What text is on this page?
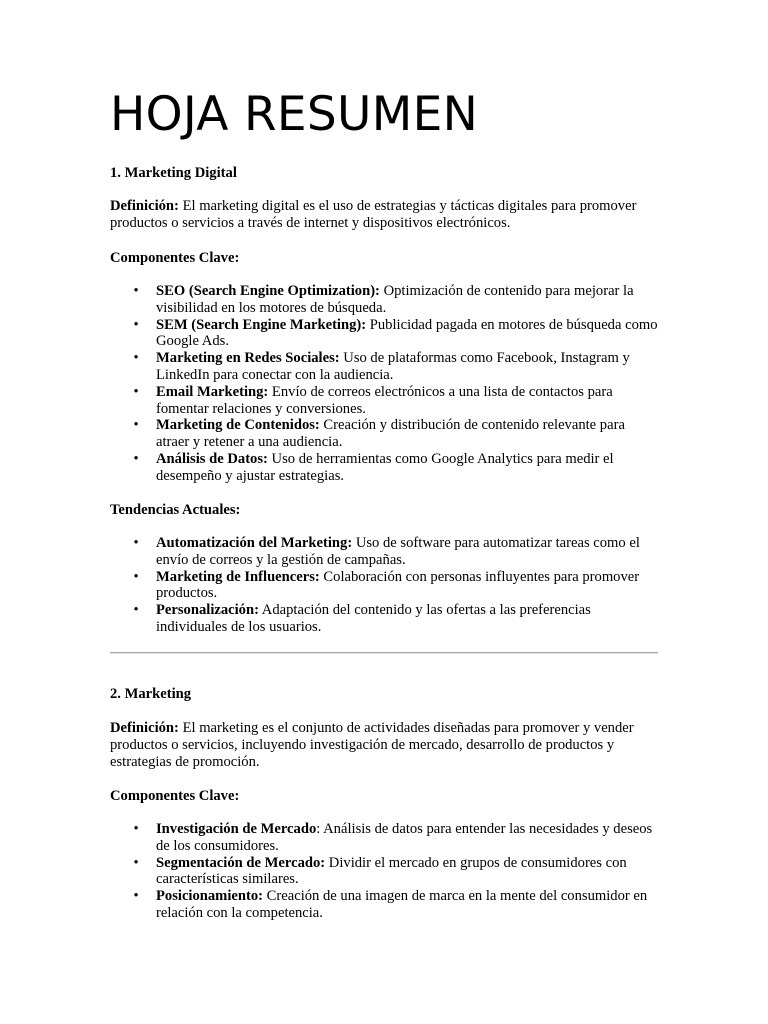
HOJA RESUMEN

1. Marketing Digital

Definición: El marketing digital es el uso de estrategias y tácticas digitales para promover productos o servicios a través de internet y dispositivos electrónicos.

Componentes Clave:

• SEO (Search Engine Optimization): Optimización de contenido para mejorar la visibilidad en los motores de búsqueda.
• SEM (Search Engine Marketing): Publicidad pagada en motores de búsqueda como Google Ads.
• Marketing en Redes Sociales: Uso de plataformas como Facebook, Instagram y LinkedIn para conectar con la audiencia.
• Email Marketing: Envío de correos electrónicos a una lista de contactos para fomentar relaciones y conversiones.
• Marketing de Contenidos: Creación y distribución de contenido relevante para atraer y retener a una audiencia.
• Análisis de Datos: Uso de herramientas como Google Analytics para medir el desempeño y ajustar estrategias.

Tendencias Actuales:

• Automatización del Marketing: Uso de software para automatizar tareas como el envío de correos y la gestión de campañas.
• Marketing de Influencers: Colaboración con personas influyentes para promover productos.
• Personalización: Adaptación del contenido y las ofertas a las preferencias individuales de los usuarios.

2. Marketing

Definición: El marketing es el conjunto de actividades diseñadas para promover y vender productos o servicios, incluyendo investigación de mercado, desarrollo de productos y estrategias de promoción.

Componentes Clave:

• Investigación de Mercado: Análisis de datos para entender las necesidades y deseos de los consumidores.
• Segmentación de Mercado: Dividir el mercado en grupos de consumidores con características similares.
• Posicionamiento: Creación de una imagen de marca en la mente del consumidor en relación con la competencia.
